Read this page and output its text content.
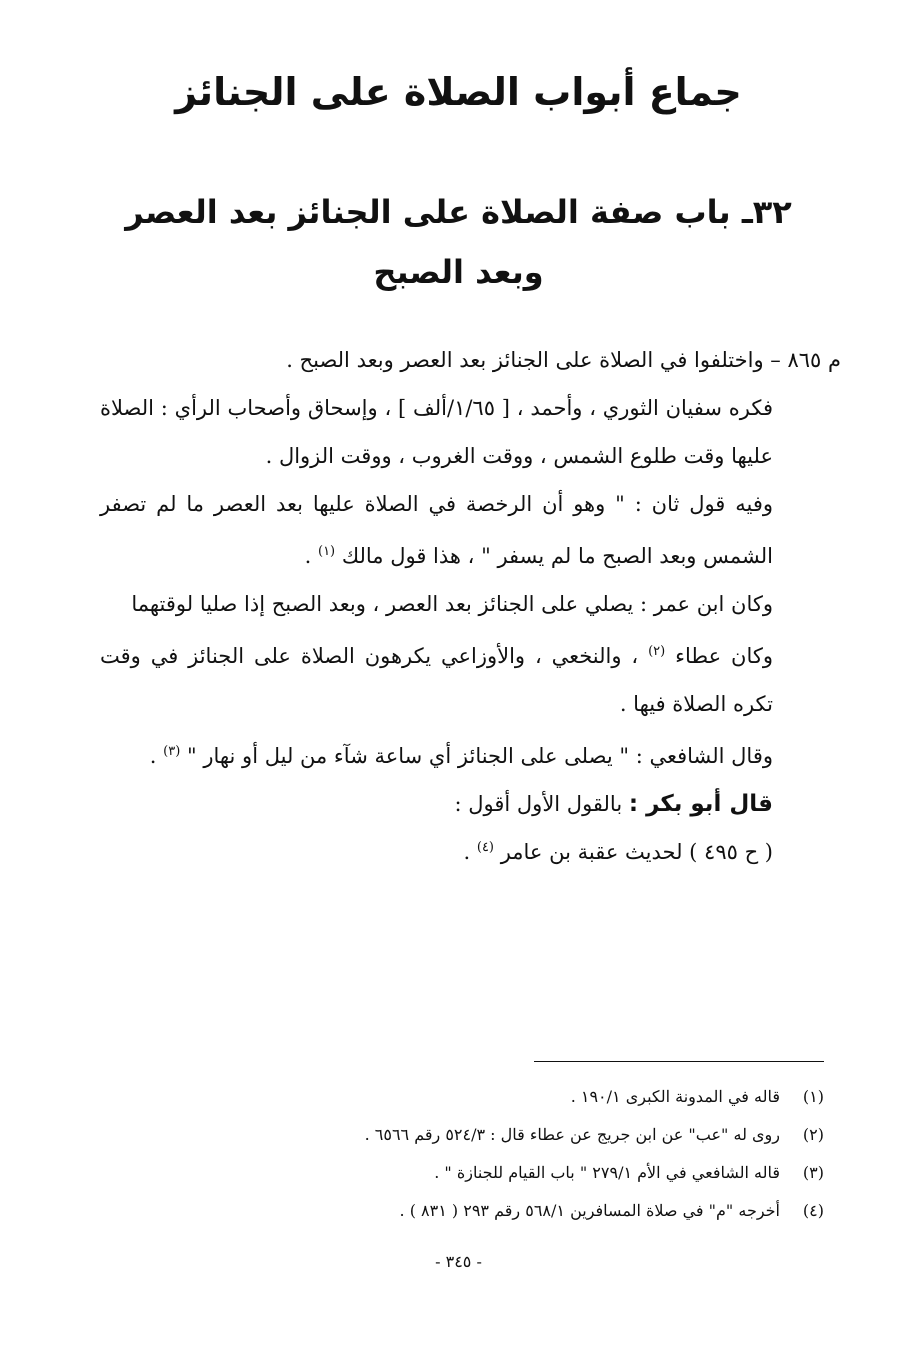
جماع أبواب الصلاة على الجنائز
٣٢ـ باب صفة الصلاة على الجنائز بعد العصر وبعد الصبح

م ٨٦٥ – واختلفوا في الصلاة على الجنائز بعد العصر وبعد الصبح .

فكره سفيان الثوري ، وأحمد ، [ ١/٦٥/ألف ] ، وإسحاق وأصحاب الرأي : الصلاة عليها وقت طلوع الشمس ، ووقت الغروب ، ووقت الزوال .

وفيه قول ثان : " وهو أن الرخصة في الصلاة عليها بعد العصر ما لم تصفر الشمس وبعد الصبح ما لم يسفر " ، هذا قول مالك $^{(١)}$ .

وكان ابن عمر : يصلي على الجنائز بعد العصر ، وبعد الصبح إذا صليا لوقتهما

وكان عطاء $^{(٢)}$ ، والنخعي ، والأوزاعي يكرهون الصلاة على الجنائز في وقت تكره الصلاة فيها .

وقال الشافعي : " يصلى على الجنائز أي ساعة شآء من ليل أو نهار " $^{(٣)}$ .

قال أبو بكر : بالقول الأول أقول :

( ح ٤٩٥ ) لحديث عقبة بن عامر $^{(٤)}$ .

(١)
قاله في المدونة الكبرى ١٩٠/١ .
(٢)
روى له "عب" عن ابن جريج عن عطاء قال : ٥٢٤/٣ رقم ٦٥٦٦ .
(٣)
قاله الشافعي في الأم ٢٧٩/١ " باب القيام للجنازة " .
(٤)
أخرجه "م" في صلاة المسافرين ٥٦٨/١ رقم ٢٩٣ ( ٨٣١ ) .
- ٣٤٥ -
